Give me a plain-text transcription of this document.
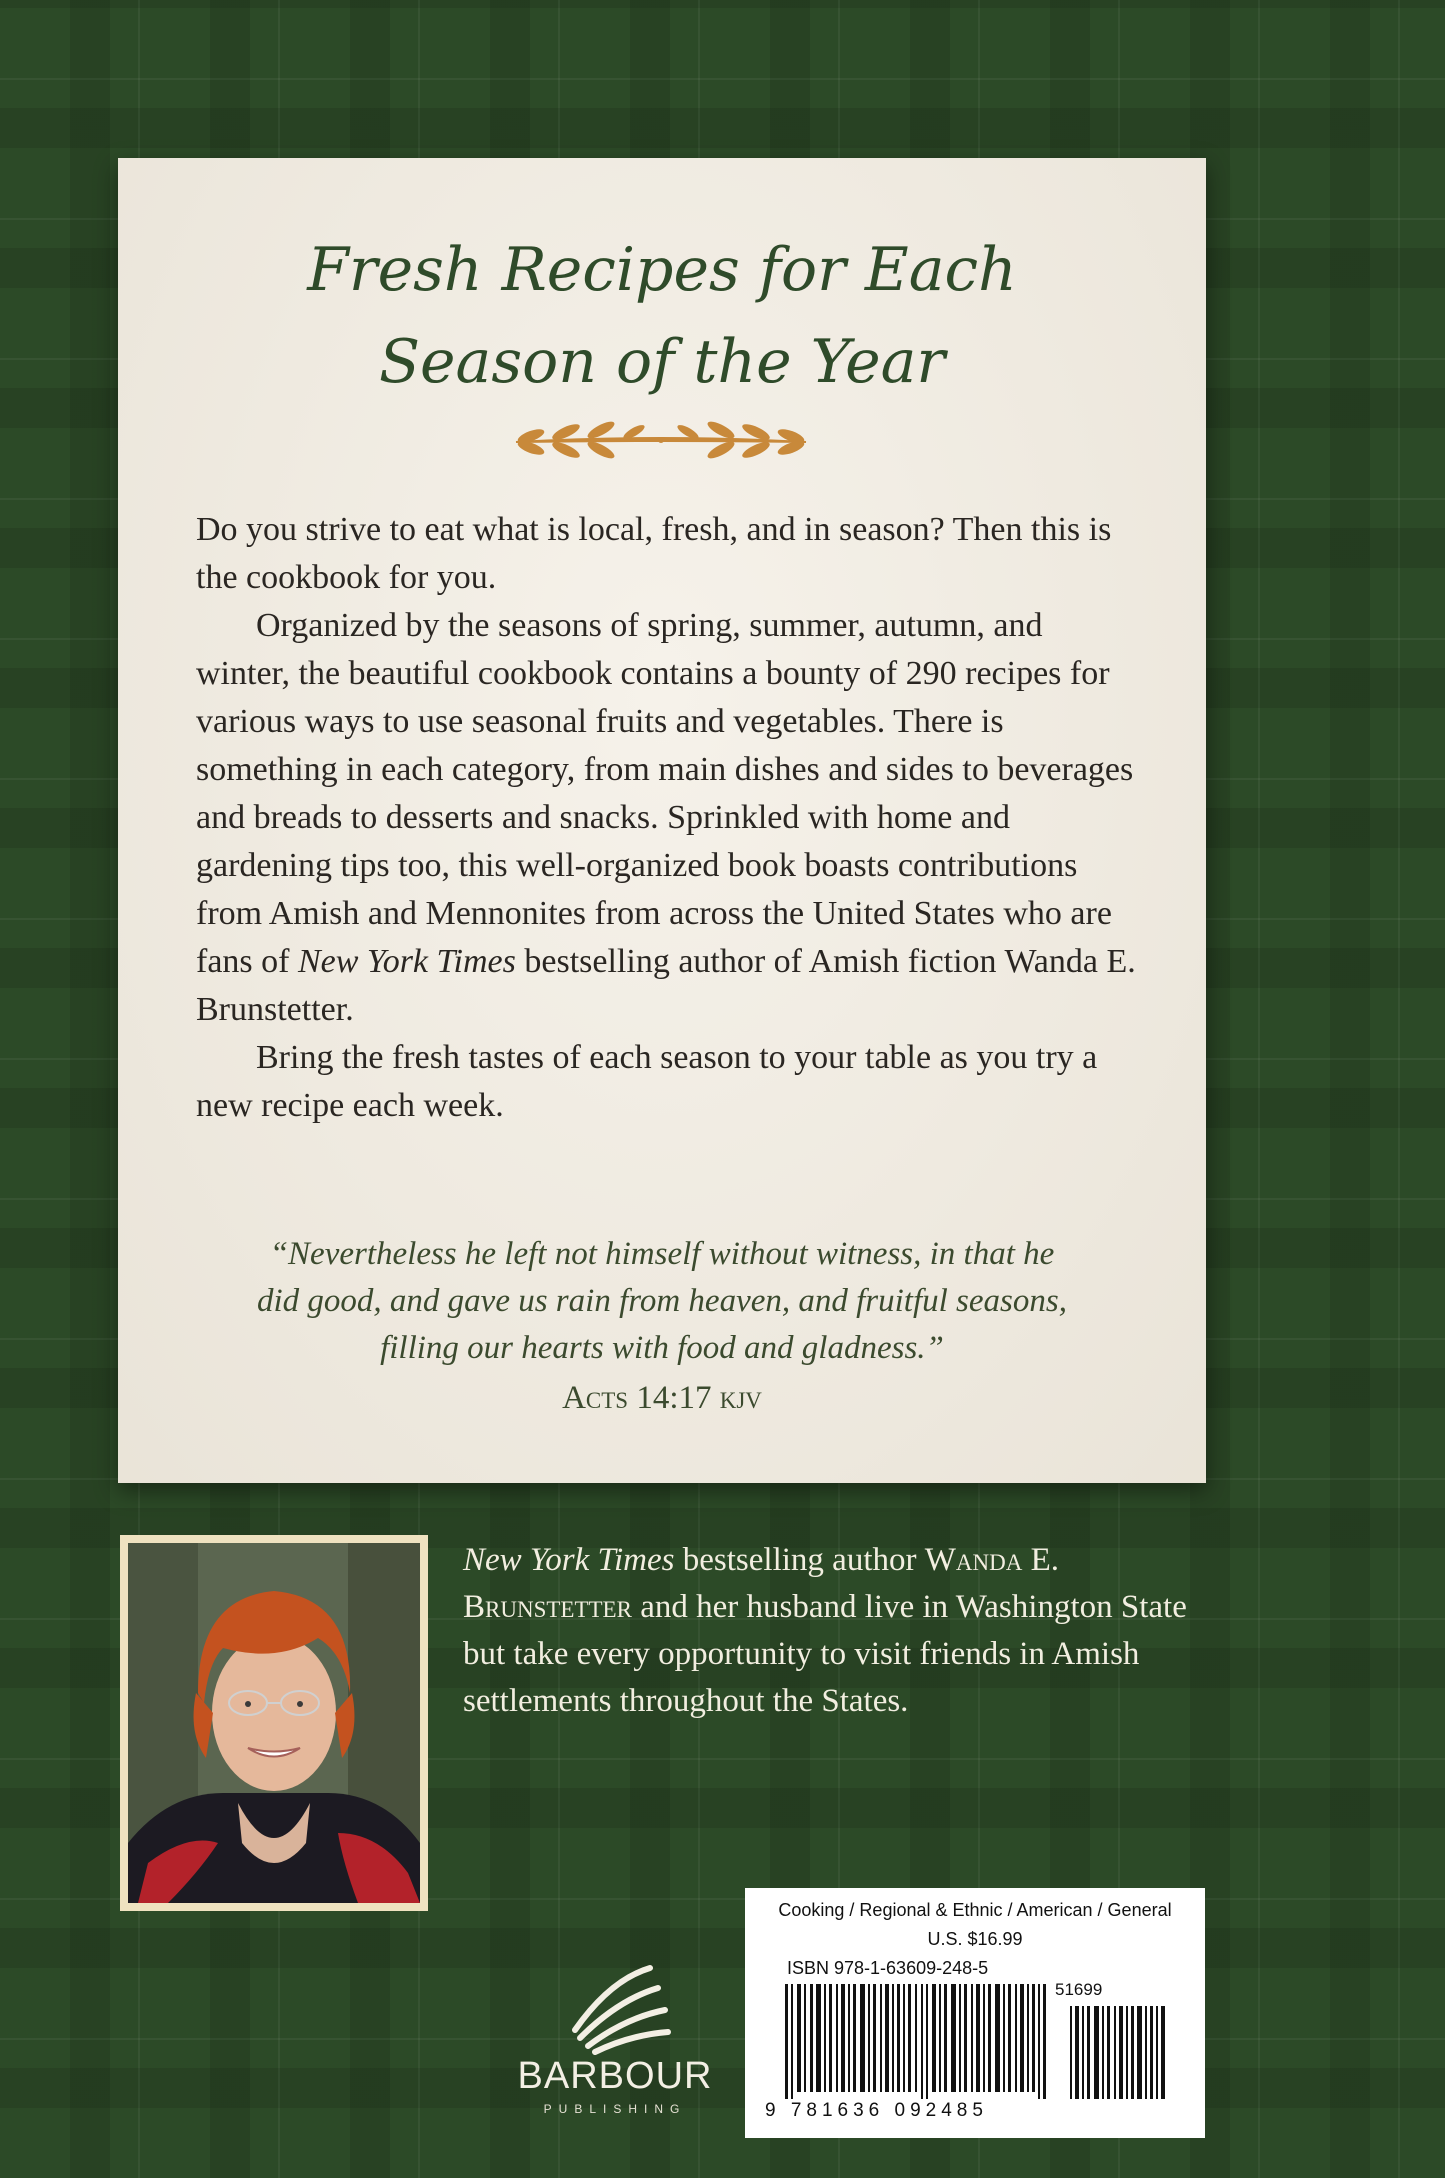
Fresh Recipes for Each
Season of the Year

Do you strive to eat what is local, fresh, and in season? Then this is the cookbook for you.

Organized by the seasons of spring, summer, autumn, and winter, the beautiful cookbook contains a bounty of 290 recipes for various ways to use seasonal fruits and vegetables. There is something in each category, from main dishes and sides to beverages and breads to desserts and snacks. Sprinkled with home and gardening tips too, this well-organized book boasts contributions from Amish and Mennonites from across the United States who are fans of New York Times bestselling author of Amish fiction Wanda E. Brunstetter.

Bring the fresh tastes of each season to your table as you try a new recipe each week.

“Nevertheless he left not himself without witness, in that he

did good, and gave us rain from heaven, and fruitful seasons,

filling our hearts with food and gladness.”

Acts 14:17 kjv

New York Times bestselling author Wanda E. Brunstetter and her husband live in Washington State but take every opportunity to visit friends in Amish settlements throughout the States.

BARBOUR
PUBLISHING
Cooking / Regional & Ethnic / American / General
U.S. $16.99
ISBN 978-1-63609-248-5
51699
9 781636 092485
